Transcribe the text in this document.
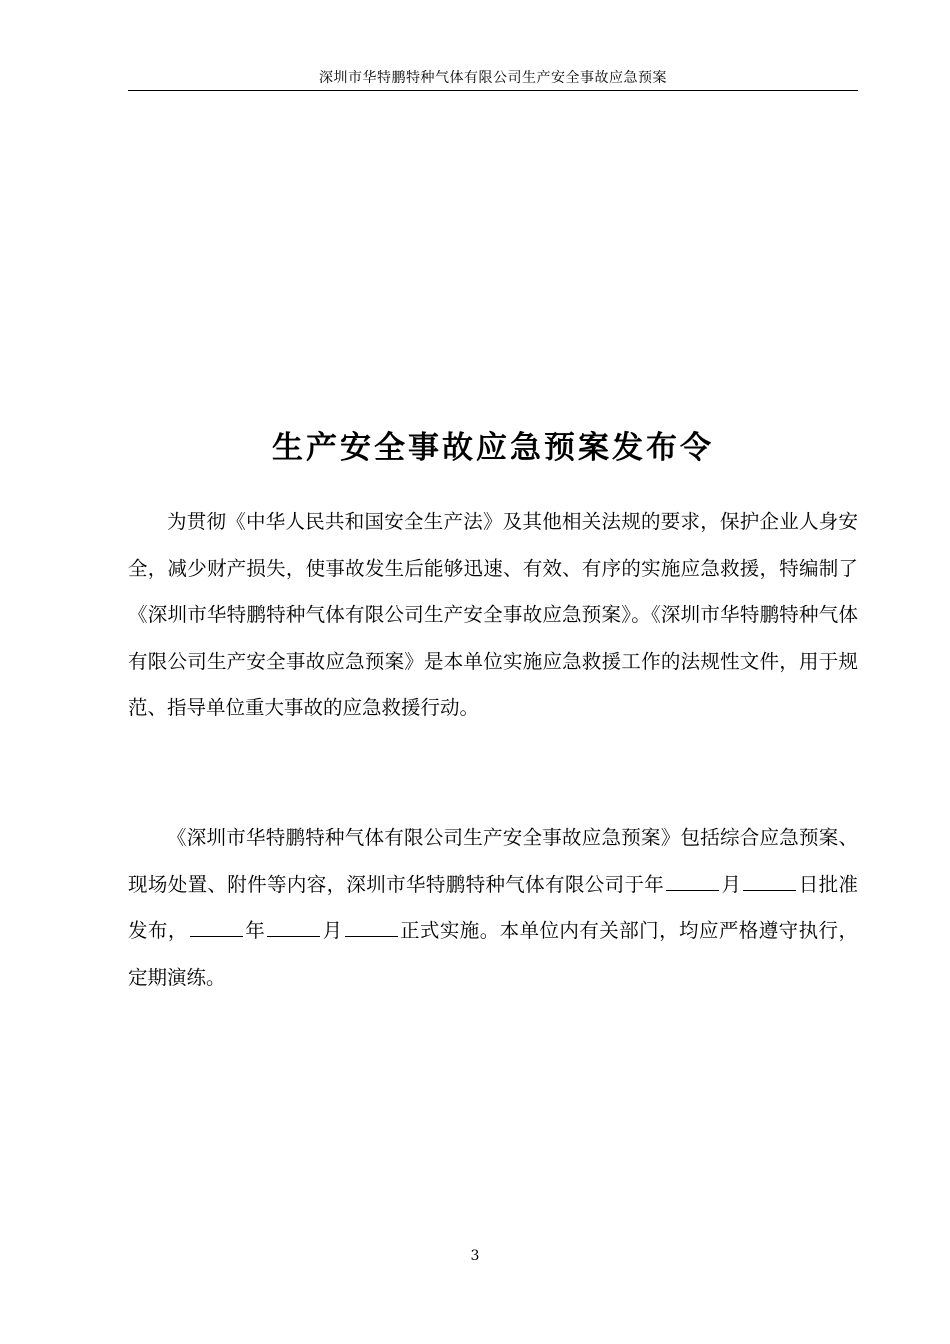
深圳市华特鹏特种气体有限公司生产安全事故应急预案
生产安全事故应急预案发布令

为贯彻《中华人民共和国安全生产法》及其他相关法规的要求，保护企业人身安全，减少财产损失，使事故发生后能够迅速、有效、有序的实施应急救援，特编制了《深圳市华特鹏特种气体有限公司生产安全事故应急预案》。《深圳市华特鹏特种气体有限公司生产安全事故应急预案》是本单位实施应急救援工作的法规性文件，用于规范、指导单位重大事故的应急救援行动。

《深圳市华特鹏特种气体有限公司生产安全事故应急预案》包括综合应急预案、现场处置、附件等内容，深圳市华特鹏特种气体有限公司于年	月	日批准发布，	年	月	正式实施。本单位内有关部门，均应严格遵守执行，定期演练。

3
